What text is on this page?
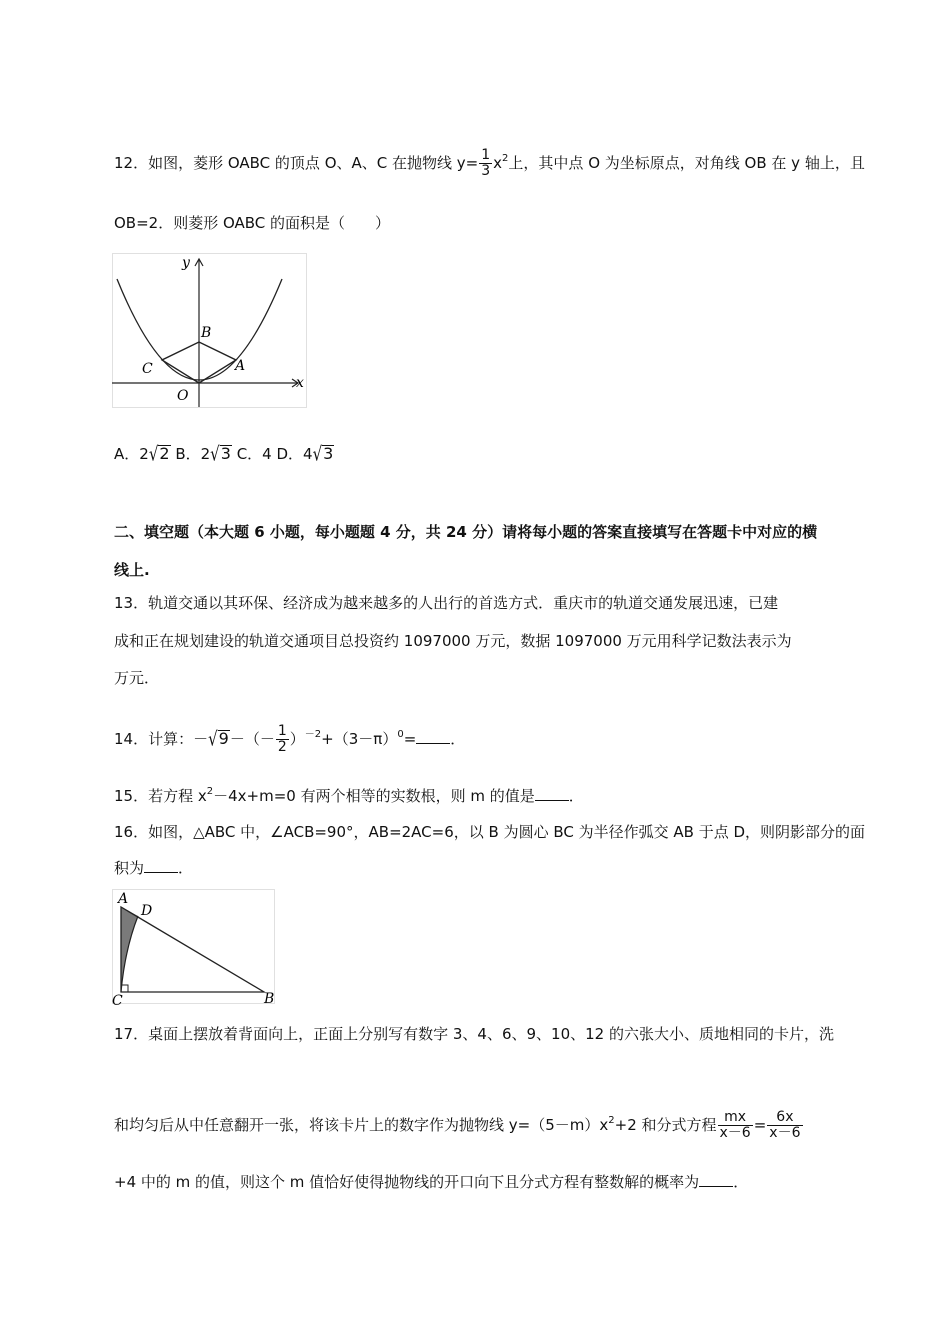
12．如图，菱形 OABC 的顶点 O、A、C 在抛物线 $y= \frac{1}{3} x^2$上，其中点 O 为坐标原点，对角线 OB 在 y 轴上，且
OB=2．则菱形 OABC 的面积是（　　）
y
x
B
C	A
O
A．2√2 B．2√3 C．4 D．4√3
二、填空题（本大题 6 小题，每小题题 4 分，共 24 分）请将每小题的答案直接填写在答题卡中对应的横
线上.
13．轨道交通以其环保、经济成为越来越多的人出行的首选方式．重庆市的轨道交通发展迅速，已建
成和正在规划建设的轨道交通项目总投资约 1097000 万元，数据 1097000 万元用科学记数法表示为
万元．
14．计算：$-√9-(- \frac{1}{2} )^{-2}+(3-\pi)^0=$ ．
15．若方程 $x^2-4x+m=0$ 有两个相等的实数根，则 m 的值是 ．
16．如图，△ABC 中，∠ACB=90°，AB=2AC=6，以 B 为圆心 BC 为半径作弧交 AB 于点 D，则阴影部分的面
积为 ．
A
D
C	B
17．桌面上摆放着背面向上，正面上分别写有数字 3、4、6、9、10、12 的六张大小、质地相同的卡片，洗
和均匀后从中任意翻开一张，将该卡片上的数字作为抛物线 $y=(5-m)x^2+2$ 和分式方程 $\frac{mx}{x-6} = \frac{6x}{x-6}$
+4 中的 m 的值，则这个 m 值恰好使得抛物线的开口向下且分式方程有整数解的概率为 ．
